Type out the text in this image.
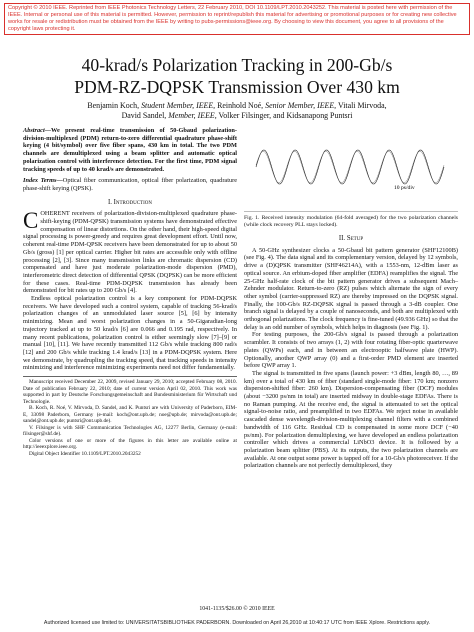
Copyright © 2010 IEEE. Reprinted from IEEE Photonics Technology Letters, 22 February 2010, DOI 10.1109/LPT.2010.2043252. This material is posted here with permission of the IEEE. Internal or personal use of this material is permitted. However, permission to reprint/republish this material for advertising or promotional purposes or for creating new collective works for resale or redistribution must be obtained from the IEEE by writing to pubs-permissions@ieee.org. By choosing to view this document, you agree to all provisions of the copyright laws protecting it.
40-krad/s Polarization Tracking in 200-Gb/s
PDM-RZ-DQPSK Transmission Over 430 km
Benjamin Koch, Student Member, IEEE, Reinhold Noé, Senior Member, IEEE, Vitali Mirvoda,
David Sandel, Member, IEEE, Volker Filsinger, and Kidsanapong Puntsri

Abstract—We present real-time transmission of 50-Gbaud polarization-division-multiplexed (PDM) return-to-zero differential quadrature phase-shift keying (4 bit/symbol) over five fiber spans, 430 km in total. The two PDM channels are demultiplexed using a beam splitter and automatic optical polarization control with interference detection. For the first time, PDM signal tracking speeds of up to 40 krad/s are demonstrated.

Index Terms—Optical fiber communication, optical fiber polarization, quadrature phase-shift keying (QPSK).

I. Introduction

COHERENT receivers of polarization-division-multiplexed quadrature phase-shift-keying (PDM-QPSK) transmission systems have demonstrated effective compensation of linear distortions. On the other hand, their high-speed digital signal processing is power-greedy and requires great development effort. Until now, coherent real-time PDM-QPSK receivers have been demonstrated for up to about 50 Gb/s (gross) [1] per optical carrier. Higher bit rates are accessible only with offline processing [2], [3]. Since many transmission links are chromatic dispersion (CD) compensated and have just moderate polarization-mode dispersion (PMD), interferometric direct detection of differential QPSK (DQPSK) can be more efficient for these cases. Real-time PDM-DQPSK transmission has already been demonstrated for bit rates up to 200 Gb/s [4].

Endless optical polarization control is a key component for PDM-DQPSK receivers. We have developed such a control system, capable of tracking 56-krad/s polarization changes of an unmodulated laser source [5], [6] by intensity minimizing. Mean and worst polarization changes in a 50-Gigaradian-long trajectory tracked at up to 50 krad/s [6] are 0.066 and 0.195 rad, respectively. In many recent publications, polarization control is either seemingly slow [7]–[9] or manual [10], [11]. We have recently transmitted 112 Gb/s while tracking 800 rad/s [12] and 200 Gb/s while tracking 1.4 krad/s [13] in a PDM-DQPSK system. Here we demonstrate, by quadrupling the tracking speed, that tracking speeds in intensity minimizing and interference minimizing experiments need not differ fundamentally.

Manuscript received December 22, 2009, revised January 29, 2010; accepted February 08, 2010. Date of publication February 22, 2010; date of current version April 02, 2010. This work was supported in part by Deutsche Forschungsgemeinschaft and Bundesministerium für Wirtschaft und Technologie.

B. Koch, R. Noé, V. Mirvoda, D. Sandel, and K. Puntsri are with University of Paderborn, EIM-E, 33098 Paderborn, Germany (e-mail: koch@ont.upb.de; noe@upb.de; mirvoda@ont.upb.de; sandel@ont.upb.de; puntsri@ont.upb.de).

V. Filsinger is with SHF Communication Technologies AG, 12277 Berlin, Germany (e-mail: filsinger@shf.de).

Color versions of one or more of the figures in this letter are available online at http://ieeexplore.ieee.org.

Digital Object Identifier 10.1109/LPT.2010.2043252

10 ps/div

Fig. 1. Received intensity modulation (64-fold averaged) for the two polarization channels (while clock recovery PLL stays locked).

II. Setup

A 50-GHz synthesizer clocks a 50-Gbaud bit pattern generator (SHF12100B) (see Fig. 4). The data signal and its complementary version, delayed by 12 symbols, drive a (D)QPSK transmitter (SHF46214A), with a 1553-nm, 12-dBm laser as optical source. An erbium-doped fiber amplifier (EDFA) reamplifies the signal. The 25-GHz half-rate clock of the bit pattern generator drives a subsequent Mach–Zehnder modulator. Return-to-zero (RZ) pulses which alternate the sign of every other symbol (carrier-suppressed RZ) are thereby impressed on the DQPSK signal. Finally, the 100-Gb/s RZ-DQPSK signal is passed through a 3-dB coupler. One branch signal is delayed by a couple of nanoseconds, and both are multiplexed with orthogonal polarizations. The clock frequency is fine-tuned (49.936 GHz) so that the delay is an odd number of symbols, which helps in diagnosis (see Fig. 1).

For testing purposes, the 200-Gb/s signal is passed through a polarization scrambler. It consists of two arrays (1, 2) with four rotating fiber-optic quarterwave plates (QWPs) each, and in between an electrooptic halfwave plate (HWP). Optionally, another QWP array (0) and a first-order PMD element are inserted before QWP array 1.

The signal is transmitted in five spans (launch power: +3 dBm, length 80, …, 89 km) over a total of 430 km of fiber (standard single-mode fiber: 170 km; nonzero dispersion-shifted fiber: 260 km). Dispersion-compensating fiber (DCF) modules (about −3200 ps/nm in total) are inserted midway in double-stage EDFAs. There is no Raman pumping. At the receive end, the signal is attenuated to set the optical signal-to-noise ratio, and preamplified in two EDFAs. We reject noise in available cascaded dense wavelength-division-multiplexing channel filters with a combined bandwidth of 116 GHz. Residual CD is compensated in some more DCF (−40 ps/nm). For polarization demultiplexing, we have developed an endless polarization controller which drives a commercial LiNbO3 device. It is followed by a polarization beam splitter (PBS). At its outputs, the two polarization channels are available. At one output some power is tapped off for a 10-Gb/s photoreceiver. If the polarization channels are not perfectly demultiplexed, they

1041-1135/$26.00 © 2010 IEEE
Authorized licensed use limited to: UNIVERSITATSBIBLIOTHEK PADERBORN. Downloaded on April 26,2010 at 10:40:17 UTC from IEEE Xplore. Restrictions apply.
